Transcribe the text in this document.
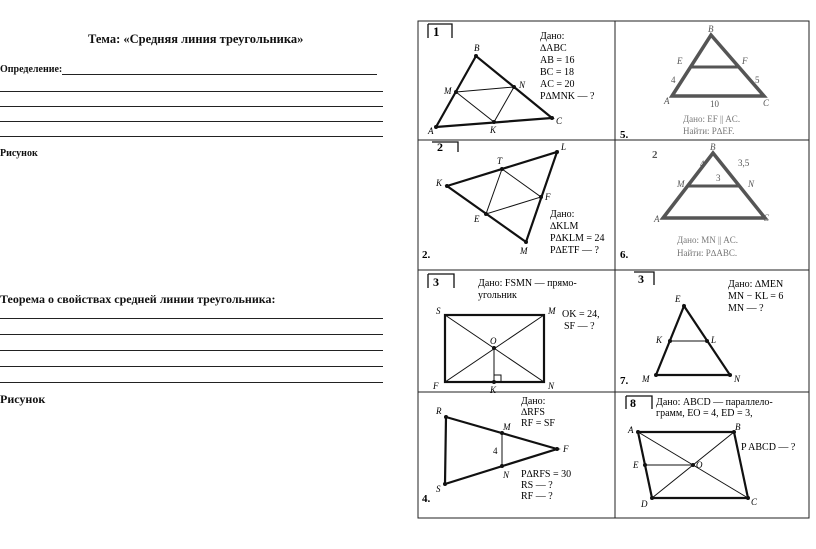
Тема: «Средняя линия треугольника»
Определение:
Рисунок
Теорема о свойствах средней линии треугольника:
Рисунок
1
A
B
C
M
N
K
Дано:
∆ABC
AB = 16
BC = 18
AC = 20
P∆MNK — ?
B
E	F
A	C
4	5
10
Дано: EF || AC.
Найти: P∆EF.
5.
2
T
L
K
F
E
M
Дано:
∆KLM
P∆KLM = 24
P∆ETF — ?
2.
2
B
M	N
A	C
4	3,5
3
Дано: MN || AC.
Найти: P∆ABC.
6.
3
S	M
O
F	K	N
Дано: FSMN — прямо-
угольник
OK = 24,
SF — ?
3
E
K	L
M	N
Дано: ∆MEN
MN − KL = 6
MN — ?
7.
R
M
F
N
S
4
Дано:
∆RFS
RF = SF
P∆RFS = 30
RS — ?
RF — ?
4.
8
A	B
E	O
D	C
Дано: ABCD — параллело-
грамм, EO = 4, ED = 3,
P ABCD — ?
